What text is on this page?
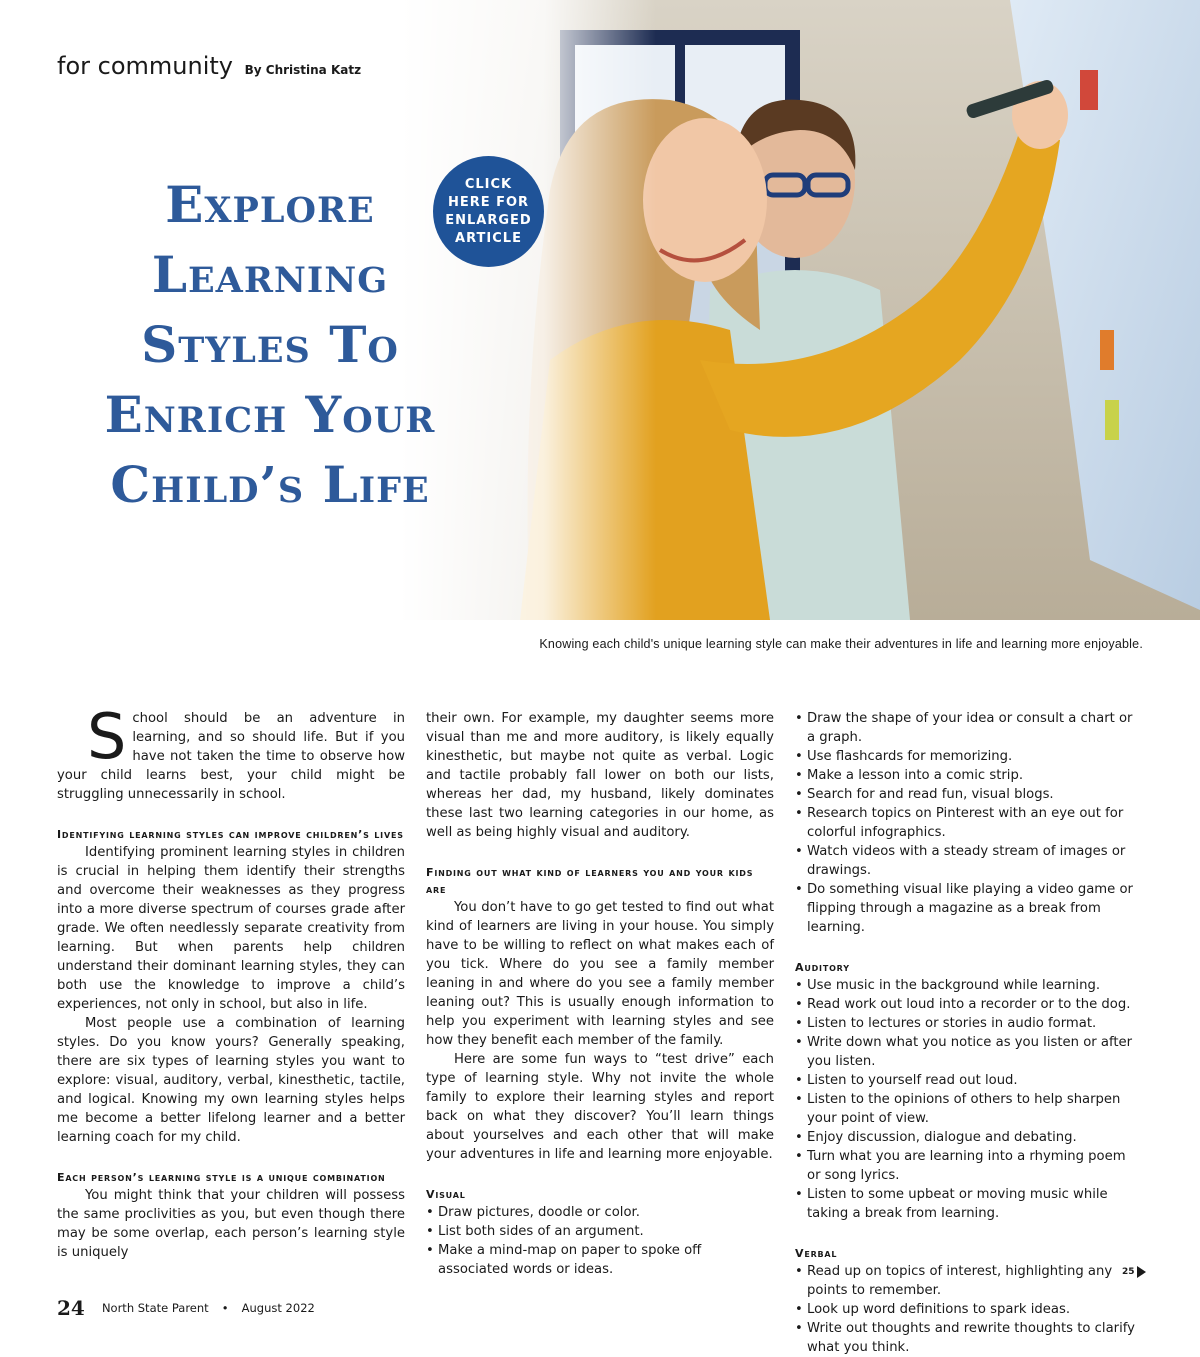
for community By Christina Katz
Explore
Learning
Styles To
Enrich Your
Child’s Life
CLICK
HERE FOR
ENLARGED
ARTICLE
Knowing each child's unique learning style can make their adventures in life and learning more enjoyable.

School should be an adventure in learning, and so should life. But if you have not taken the time to observe how your child learns best, your child might be struggling unnecessarily in school.

Identifying learning styles can improve children’s lives

Identifying prominent learning styles in children is crucial in helping them identify their strengths and overcome their weaknesses as they progress into a more diverse spectrum of courses grade after grade. We often needlessly separate creativity from learning. But when parents help children understand their dominant learning styles, they can both use the knowledge to improve a child’s experiences, not only in school, but also in life.

Most people use a combination of learning styles. Do you know yours? Generally speaking, there are six types of learning styles you want to explore: visual, auditory, verbal, kinesthetic, tactile, and logical. Knowing my own learning styles helps me become a better lifelong learner and a better learning coach for my child.

Each person’s learning style is a unique combination

You might think that your children will possess the same proclivities as you, but even though there may be some overlap, each person’s learning style is uniquely

their own. For example, my daughter seems more visual than me and more auditory, is likely equally kinesthetic, but maybe not quite as verbal. Logic and tactile probably fall lower on both our lists, whereas her dad, my husband, likely dominates these last two learning categories in our home, as well as being highly visual and auditory.

Finding out what kind of learners you and your kids are

You don’t have to go get tested to find out what kind of learners are living in your house. You simply have to be willing to reflect on what makes each of you tick. Where do you see a family member leaning in and where do you see a family member leaning out? This is usually enough information to help you experiment with learning styles and see how they benefit each member of the family.

Here are some fun ways to “test drive” each type of learning style. Why not invite the whole family to explore their learning styles and report back on what they discover? You’ll learn things about yourselves and each other that will make your adventures in life and learning more enjoyable.

Visual
• Draw pictures, doodle or color.
• List both sides of an argument.
• Make a mind-map on paper to spoke off associated words or ideas.
• Draw the shape of your idea or consult a chart or a graph.
• Use flashcards for memorizing.
• Make a lesson into a comic strip.
• Search for and read fun, visual blogs.
• Research topics on Pinterest with an eye out for colorful infographics.
• Watch videos with a steady stream of images or drawings.
• Do something visual like playing a video game or flipping through a magazine as a break from learning.
Auditory
• Use music in the background while learning.
• Read work out loud into a recorder or to the dog.
• Listen to lectures or stories in audio format.
• Write down what you notice as you listen or after you listen.
• Listen to yourself read out loud.
• Listen to the opinions of others to help sharpen your point of view.
• Enjoy discussion, dialogue and debating.
• Turn what you are learning into a rhyming poem or song lyrics.
• Listen to some upbeat or moving music while taking a break from learning.
Verbal
• Read up on topics of interest, highlighting any points to remember.
• Look up word definitions to spark ideas.
• Write out thoughts and rewrite thoughts to clarify what you think.
25
24 North State Parent • August 2022
